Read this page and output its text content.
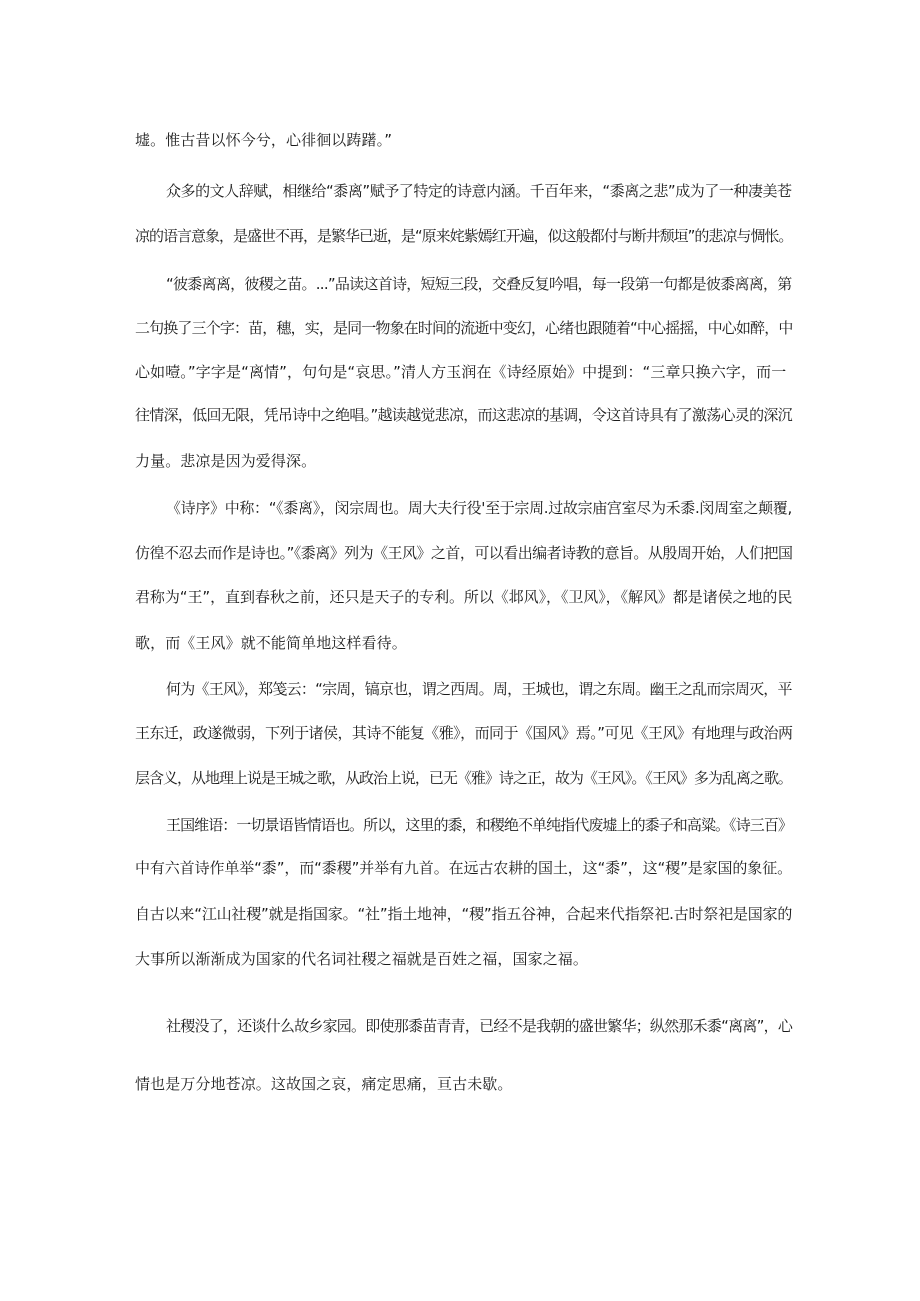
墟。惟古昔以怀今兮，心徘徊以踌躇。”
众多的文人辞赋，相继给“黍离”赋予了特定的诗意内涵。千百年来，“黍离之悲”成为了一种凄美苍
凉的语言意象，是盛世不再，是繁华已逝，是“原来姹紫嫣红开遍，似这般都付与断井颓垣”的悲凉与惆怅。
“彼黍离离，彼稷之苗。...”品读这首诗，短短三段，交叠反复吟唱，每一段第一句都是彼黍离离，第
二句换了三个字：苗，穗，实，是同一物象在时间的流逝中变幻，心绪也跟随着“中心摇摇，中心如醉，中
心如噎。”字字是“离情”，句句是“哀思。”清人方玉润在《诗经原始》中提到：“三章只换六字，而一
往情深，低回无限，凭吊诗中之绝唱。”越读越觉悲凉，而这悲凉的基调，令这首诗具有了激荡心灵的深沉
力量。悲凉是因为爱得深。
《诗序》中称：“《黍离》，闵宗周也。周大夫行役'至于宗周.过故宗庙宫室尽为禾黍.闵周室之颠覆,
仿徨不忍去而作是诗也。”《黍离》列为《王风》之首，可以看出编者诗教的意旨。从殷周开始，人们把国
君称为“王”，直到春秋之前，还只是天子的专利。所以《邶风》，《卫风》，《解风》都是诸侯之地的民
歌，而《王风》就不能简单地这样看待。
何为《王风》，郑笺云：“宗周，镐京也，谓之西周。周，王城也，谓之东周。幽王之乱而宗周灭，平
王东迁，政遂微弱，下列于诸侯，其诗不能复《雅》，而同于《国风》焉。”可见《王风》有地理与政治两
层含义，从地理上说是王城之歌，从政治上说，已无《雅》诗之正，故为《王风》。《王风》多为乱离之歌。
王国维语：一切景语皆情语也。所以，这里的黍，和稷绝不单纯指代废墟上的黍子和高粱。《诗三百》
中有六首诗作单举“黍”，而“黍稷”并举有九首。在远古农耕的国土，这“黍”，这“稷”是家国的象征。
自古以来“江山社稷”就是指国家。“社”指土地神，“稷”指五谷神，合起来代指祭祀.古时祭祀是国家的
大事所以渐渐成为国家的代名词社稷之福就是百姓之福，国家之福。
社稷没了，还谈什么故乡家园。即使那黍苗青青，已经不是我朝的盛世繁华；纵然那禾黍“离离”，心
情也是万分地苍凉。这故国之哀，痛定思痛，亘古未歇。
